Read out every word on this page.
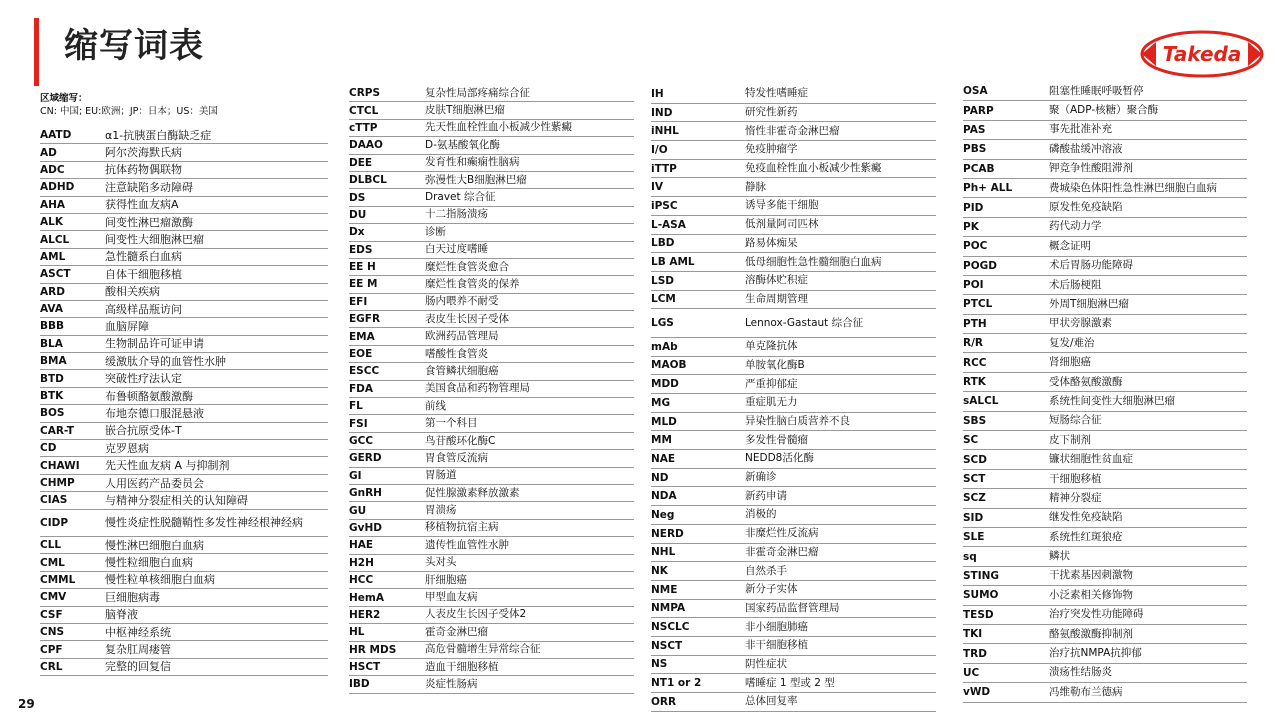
缩写词表	Takeda
区域缩写：
CN: 中国; EU:欧洲；JP：日本；US：美国
AATD	α1-抗胰蛋白酶缺乏症
AD	阿尔茨海默氏病
ADC	抗体药物偶联物
ADHD	注意缺陷多动障碍
AHA	获得性血友病A
ALK	间变性淋巴瘤激酶
ALCL	间变性大细胞淋巴瘤
AML	急性髓系白血病
ASCT	自体干细胞移植
ARD	酸相关疾病
AVA	高级样品瓶访问
BBB	血脑屏障
BLA	生物制品许可证申请
BMA	缓激肽介导的血管性水肿
BTD	突破性疗法认定
BTK	布鲁顿酪氨酸激酶
BOS	布地奈德口服混悬液
CAR-T	嵌合抗原受体-T
CD	克罗恩病
CHAWI	先天性血友病 A 与抑制剂
CHMP	人用医药产品委员会
CIAS	与精神分裂症相关的认知障碍
CIDP	慢性炎症性脱髓鞘性多发性神经根神经病
CLL	慢性淋巴细胞白血病
CML	慢性粒细胞白血病
CMML	慢性粒单核细胞白血病
CMV	巨细胞病毒
CSF	脑脊液
CNS	中枢神经系统
CPF	复杂肛周瘘管
CRL	完整的回复信
CRPS	复杂性局部疼痛综合征
CTCL	皮肤T细胞淋巴瘤
cTTP	先天性血栓性血小板减少性紫癜
DAAO	D-氨基酸氧化酶
DEE	发育性和癫痫性脑病
DLBCL	弥漫性大B细胞淋巴瘤
DS	Dravet 综合征
DU	十二指肠溃疡
Dx	诊断
EDS	白天过度嗜睡
EE H	糜烂性食管炎愈合
EE M	糜烂性食管炎的保养
EFI	肠内喂养不耐受
EGFR	表皮生长因子受体
EMA	欧洲药品管理局
EOE	嗜酸性食管炎
ESCC	食管鳞状细胞癌
FDA	美国食品和药物管理局
FL	前线
FSI	第一个科目
GCC	鸟苷酸环化酶C
GERD	胃食管反流病
GI	胃肠道
GnRH	促性腺激素释放激素
GU	胃溃疡
GvHD	移植物抗宿主病
HAE	遗传性血管性水肿
H2H	头对头
HCC	肝细胞癌
HemA	甲型血友病
HER2	人表皮生长因子受体2
HL	霍奇金淋巴瘤
HR MDS	高危骨髓增生异常综合征
HSCT	造血干细胞移植
IBD	炎症性肠病
IH	特发性嗜睡症
IND	研究性新药
iNHL	惰性非霍奇金淋巴瘤
I/O	免疫肿瘤学
iTTP	免疫血栓性血小板减少性紫癜
IV	静脉
iPSC	诱导多能干细胞
L-ASA	低剂量阿司匹林
LBD	路易体痴呆
LB AML	低母细胞性急性髓细胞白血病
LSD	溶酶体贮积症
LCM	生命周期管理
LGS	Lennox-Gastaut 综合征
mAb	单克隆抗体
MAOB	单胺氧化酶B
MDD	严重抑郁症
MG	重症肌无力
MLD	异染性脑白质营养不良
MM	多发性骨髓瘤
NAE	NEDD8活化酶
ND	新确诊
NDA	新药申请
Neg	消极的
NERD	非糜烂性反流病
NHL	非霍奇金淋巴瘤
NK	自然杀手
NME	新分子实体
NMPA	国家药品监督管理局
NSCLC	非小细胞肺癌
NSCT	非干细胞移植
NS	阴性症状
NT1 or 2	嗜睡症 1 型或 2 型
ORR	总体回复率
OSA	阻塞性睡眠呼吸暂停
PARP	聚（ADP-核糖）聚合酶
PAS	事先批准补充
PBS	磷酸盐缓冲溶液
PCAB	钾竞争性酸阻滞剂
Ph+ ALL	费城染色体阳性急性淋巴细胞白血病
PID	原发性免疫缺陷
PK	药代动力学
POC	概念证明
POGD	术后胃肠功能障碍
POI	术后肠梗阻
PTCL	外周T细胞淋巴瘤
PTH	甲状旁腺激素
R/R	复发/难治
RCC	肾细胞癌
RTK	受体酪氨酸激酶
sALCL	系统性间变性大细胞淋巴瘤
SBS	短肠综合征
SC	皮下制剂
SCD	镰状细胞性贫血症
SCT	干细胞移植
SCZ	精神分裂症
SID	继发性免疫缺陷
SLE	系统性红斑狼疮
sq	鳞状
STING	干扰素基因刺激物
SUMO	小泛素相关修饰物
TESD	治疗突发性功能障碍
TKI	酪氨酸激酶抑制剂
TRD	治疗抗NMPA抗抑郁
UC	溃疡性结肠炎
vWD	冯维勒布兰德病
29
